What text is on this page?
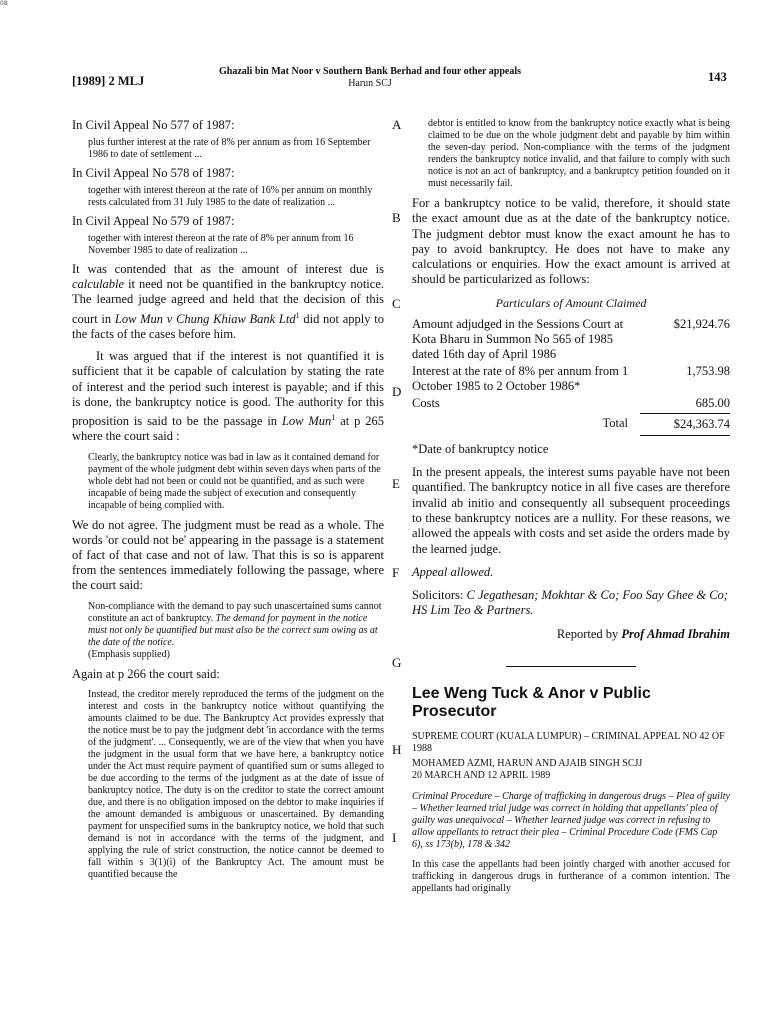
08
[1989] 2 MLJ
Ghazali bin Mat Noor v Southern Bank Berhad and four other appeals
Harun SCJ	143
A
B
C
D
E
F
G
H
I

In Civil Appeal No 577 of 1987:

plus further interest at the rate of 8% per annum as from 16 September 1986 to date of settlement ...

In Civil Appeal No 578 of 1987:

together with interest thereon at the rate of 16% per annum on monthly rests calculated from 31 July 1985 to the date of realization ...

In Civil Appeal No 579 of 1987:

together with interest thereon at the rate of 8% per annum from 16 November 1985 to date of realization ...

It was contended that as the amount of interest due is calculable it need not be quantified in the bankruptcy notice. The learned judge agreed and held that the decision of this court in Low Mun v Chung Khiaw Bank Ltd$^1$ did not apply to the facts of the cases before him.

It was argued that if the interest is not quantified it is sufficient that it be capable of calculation by stating the rate of interest and the period such interest is payable; and if this is done, the bankruptcy notice is good. The authority for this proposition is said to be the passage in Low Mun$^1$ at p 265 where the court said :

Clearly, the bankruptcy notice was bad in law as it contained demand for payment of the whole judgment debt within seven days when parts of the whole debt had not been or could not be quantified, and as such were incapable of being made the subject of execution and consequently incapable of being complied with.

We do not agree. The judgment must be read as a whole. The words 'or could not be' appearing in the passage is a statement of fact of that case and not of law. That this is so is apparent from the sentences immediately following the passage, where the court said:

Non-compliance with the demand to pay such unascertained sums cannot constitute an act of bankruptcy. The demand for payment in the notice must not only be quantified but must also be the correct sum owing as at the date of the notice.
(Emphasis supplied)

Again at p 266 the court said:

Instead, the creditor merely reproduced the terms of the judgment on the interest and costs in the bankruptcy notice without quantifying the amounts claimed to be due. The Bankruptcy Act provides expressly that the notice must be to pay the judgment debt 'in accordance with the terms of the judgment'. ... Consequently, we are of the view that when you have the judgment in the usual form that we have here, a bankruptcy notice under the Act must require payment of quantified sum or sums alleged to be due according to the terms of the judgment as at the date of issue of bankruptcy notice. The duty is on the creditor to state the correct amount due, and there is no obligation imposed on the debtor to make inquiries if the amount demanded is ambiguous or unascertained. By demanding payment for unspecified sums in the bankruptcy notice, we hold that such demand is not in accordance with the terms of the judgment, and applying the rule of strict construction, the notice cannot be deemed to fall within s 3(1)(i) of the Bankruptcy Act. The amount must be quantified because the

debtor is entitled to know from the bankruptcy notice exactly what is being claimed to be due on the whole judgment debt and payable by him within the seven-day period. Non-compliance with the terms of the judgment renders the bankruptcy notice invalid, and that failure to comply with such notice is not an act of bankruptcy, and a bankruptcy petition founded on it must necessarily fail.

For a bankruptcy notice to be valid, therefore, it should state the exact amount due as at the date of the bankruptcy notice. The judgment debtor must know the exact amount he has to pay to avoid bankruptcy. He does not have to make any calculations or enquiries. How the exact amount is arrived at should be particularized as follows:

Particulars of Amount Claimed
Amount adjudged in the Sessions Court at Kota Bharu in Summon No 565 of 1985 dated 16th day of April 1986	$21,924.76
Interest at the rate of 8% per annum from 1 October 1985 to 2 October 1986*	1,753.98
Costs	685.00
Total	$24,363.74

*Date of bankruptcy notice

In the present appeals, the interest sums payable have not been quantified. The bankruptcy notice in all five cases are therefore invalid ab initio and consequently all subsequent proceedings to these bankruptcy notices are a nullity. For these reasons, we allowed the appeals with costs and set aside the orders made by the learned judge.

Appeal allowed.

Solicitors: C Jegathesan; Mokhtar & Co; Foo Say Ghee & Co; HS Lim Teo & Partners.

Reported by Prof Ahmad Ibrahim

Lee Weng Tuck & Anor v Public Prosecutor

SUPREME COURT (KUALA LUMPUR) – CRIMINAL APPEAL NO 42 OF 1988

MOHAMED AZMI, HARUN AND AJAIB SINGH SCJJ

20 MARCH AND 12 APRIL 1989

Criminal Procedure – Charge of trafficking in dangerous drugs – Plea of guilty – Whether learned trial judge was correct in holding that appellants' plea of guilty was unequivocal – Whether learned judge was correct in refusing to allow appellants to retract their plea – Criminal Procedure Code (FMS Cap 6), ss 173(b), 178 & 342

In this case the appellants had been jointly charged with another accused for trafficking in dangerous drugs in furtherance of a common intention. The appellants had originally
